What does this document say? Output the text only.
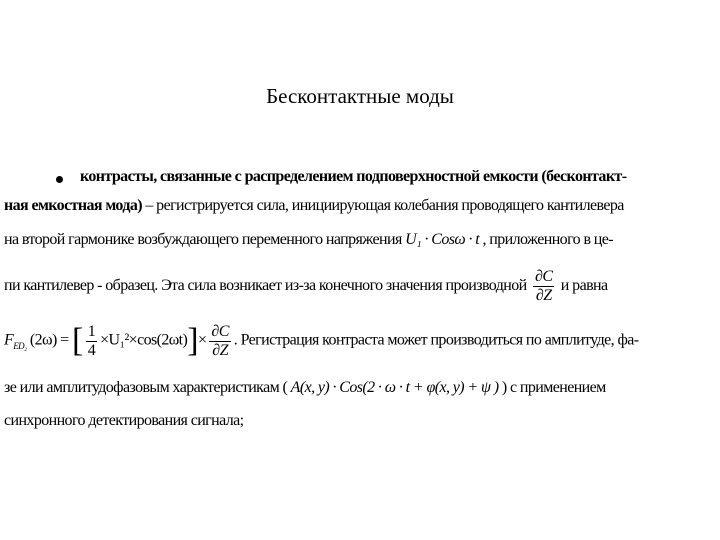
Бесконтактные моды
контрасты, связанные с распределением подповерхностной емкости (бесконтакт-
ная емкостная мода) – регистрируется сила, инициирующая колебания проводящего кантилевера
на второй гармонике возбуждающего переменного напряжения U₁ · Cosω · t , приложенного в це-
пи кантилевер - образец. Эта сила возникает из-за конечного значения производной $\frac{\partial C}{\partial Z}$ и равна
$F_{ED_2}$ (2ω) = [ $\frac{1}{4} \times U_1^2\times\cos(2\omega t)]\times \frac{\partial C}{\partial Z}$ . Регистрация контраста может производиться по амплитуде, фа-
зе или амплитудофазовым характеристикам ( A(x, y) · Cos(2 · ω · t + φ(x, y) + ψ ) ) с применением
синхронного детектирования сигнала;
